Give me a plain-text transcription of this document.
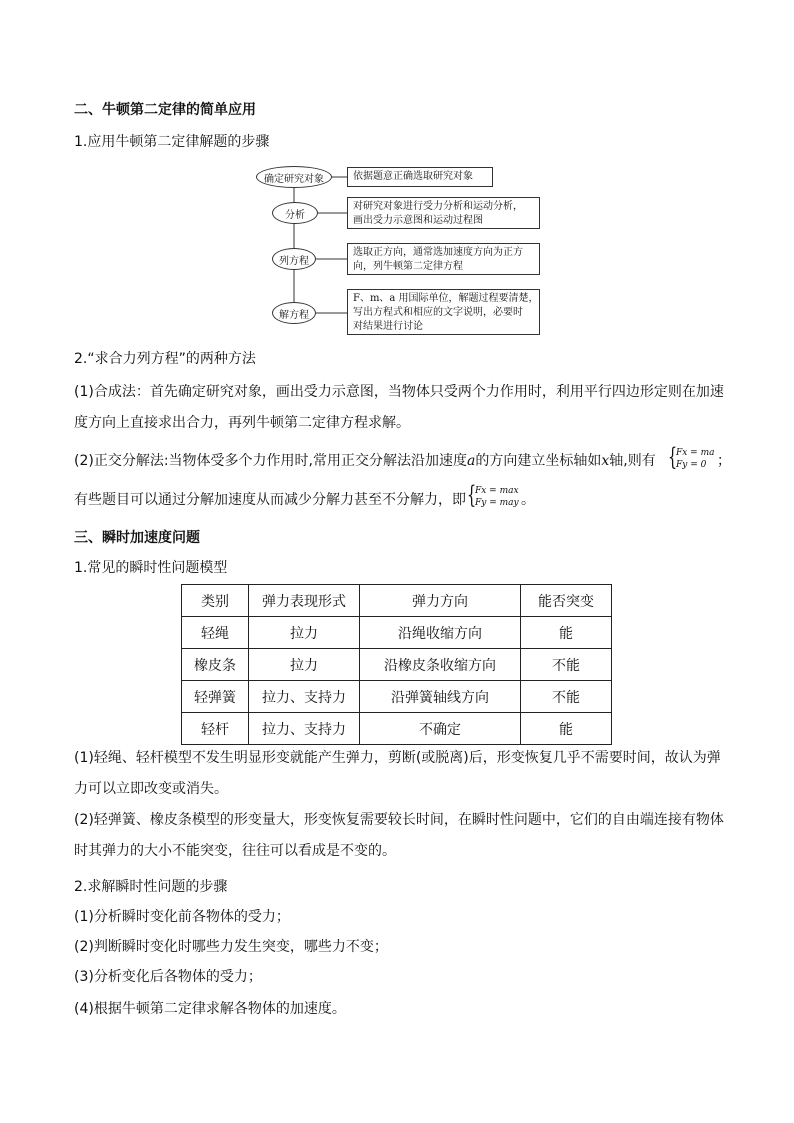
二、牛顿第二定律的简单应用
1.应用牛顿第二定律解题的步骤
确定研究对象
分析
列方程
解方程
依据题意正确选取研究对象
对研究对象进行受力分析和运动分析，
画出受力示意图和运动过程图
选取正方向，通常选加速度方向为正方
向，列牛顿第二定律方程
F、m、a 用国际单位，解题过程要清楚，
写出方程式和相应的文字说明，必要时
对结果进行讨论
2.“求合力列方程”的两种方法
(1)合成法：首先确定研究对象，画出受力示意图，当物体只受两个力作用时，利用平行四边形定则在加速度方向上直接求出合力，再列牛顿第二定律方程求解。
(2)正交分解法:当物体受多个力作用时,常用正交分解法沿加速度a的方向建立坐标轴如x轴,则有 {
Fx = ma
Fy = 0 ；
有些题目可以通过分解加速度从而减少分解力甚至不分解力，即 {
Fx = max
Fy = may 。
三、瞬时加速度问题
1.常见的瞬时性问题模型
类别	弹力表现形式	弹力方向	能否突变
轻绳	拉力	沿绳收缩方向	能
橡皮条	拉力	沿橡皮条收缩方向	不能
轻弹簧	拉力、支持力	沿弹簧轴线方向	不能
轻杆	拉力、支持力	不确定	能
(1)轻绳、轻杆模型不发生明显形变就能产生弹力，剪断(或脱离)后，形变恢复几乎不需要时间，故认为弹力可以立即改变或消失。
(2)轻弹簧、橡皮条模型的形变量大，形变恢复需要较长时间，在瞬时性问题中，它们的自由端连接有物体时其弹力的大小不能突变，往往可以看成是不变的。
2.求解瞬时性问题的步骤
(1)分析瞬时变化前各物体的受力；
(2)判断瞬时变化时哪些力发生突变，哪些力不变；
(3)分析变化后各物体的受力；
(4)根据牛顿第二定律求解各物体的加速度。
